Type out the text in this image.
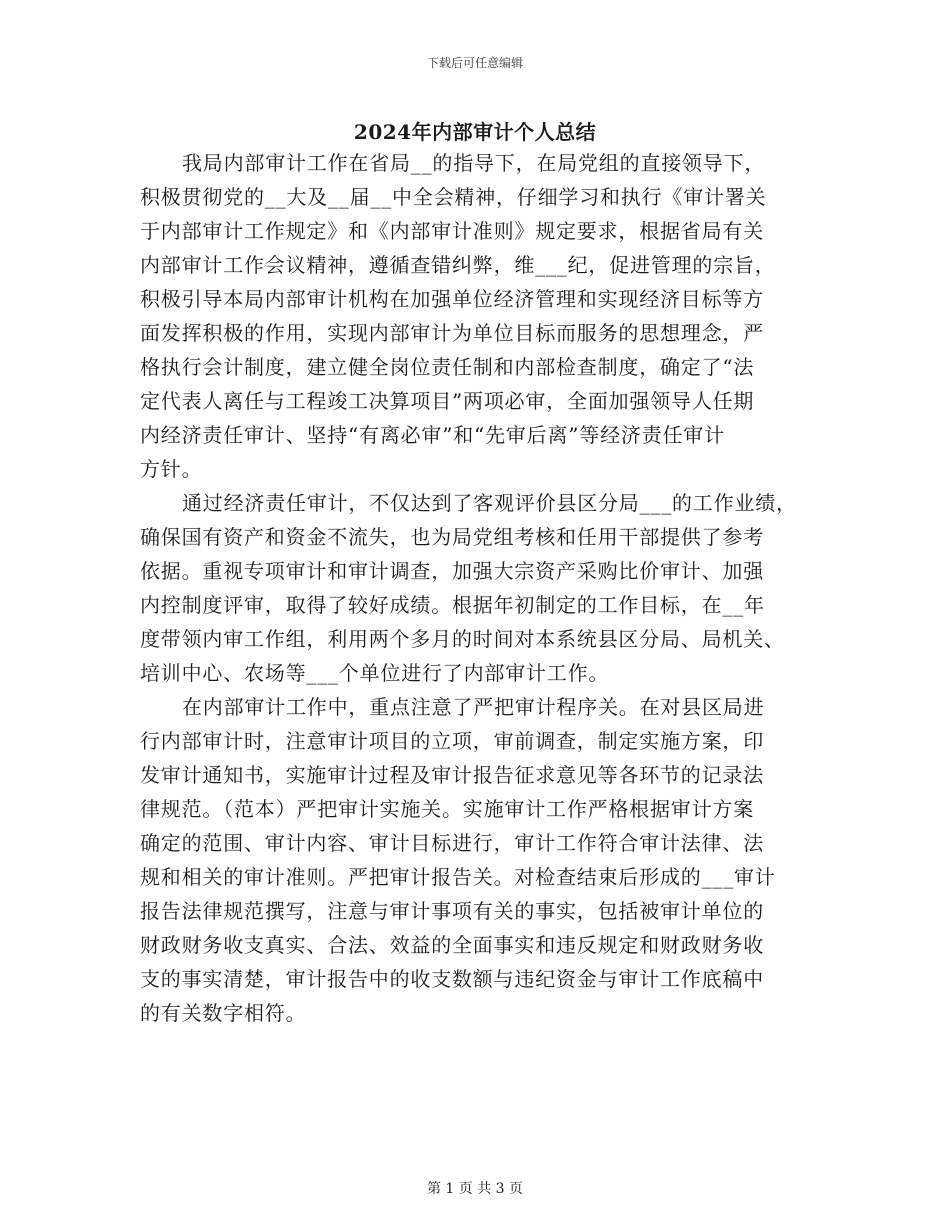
下载后可任意编辑
2024年内部审计个人总结
我局内部审计工作在省局__的指导下，在局党组的直接领导下，
积极贯彻党的__大及__届__中全会精神，仔细学习和执行《审计署关
于内部审计工作规定》和《内部审计准则》规定要求，根据省局有关
内部审计工作会议精神，遵循查错纠弊，维___纪，促进管理的宗旨，
积极引导本局内部审计机构在加强单位经济管理和实现经济目标等方
面发挥积极的作用，实现内部审计为单位目标而服务的思想理念，严
格执行会计制度，建立健全岗位责任制和内部检查制度，确定了“法
定代表人离任与工程竣工决算项目”两项必审，全面加强领导人任期
内经济责任审计、坚持“有离必审”和“先审后离”等经济责任审计
方针。
通过经济责任审计，不仅达到了客观评价县区分局___的工作业绩，
确保国有资产和资金不流失，也为局党组考核和任用干部提供了参考
依据。重视专项审计和审计调查，加强大宗资产采购比价审计、加强
内控制度评审，取得了较好成绩。根据年初制定的工作目标，在__年
度带领内审工作组，利用两个多月的时间对本系统县区分局、局机关、
培训中心、农场等___个单位进行了内部审计工作。
在内部审计工作中，重点注意了严把审计程序关。在对县区局进
行内部审计时，注意审计项目的立项，审前调查，制定实施方案，印
发审计通知书，实施审计过程及审计报告征求意见等各环节的记录法
律规范。（范本）严把审计实施关。实施审计工作严格根据审计方案
确定的范围、审计内容、审计目标进行，审计工作符合审计法律、法
规和相关的审计准则。严把审计报告关。对检查结束后形成的___审计
报告法律规范撰写，注意与审计事项有关的事实，包括被审计单位的
财政财务收支真实、合法、效益的全面事实和违反规定和财政财务收
支的事实清楚，审计报告中的收支数额与违纪资金与审计工作底稿中
的有关数字相符。
第 1 页 共 3 页
